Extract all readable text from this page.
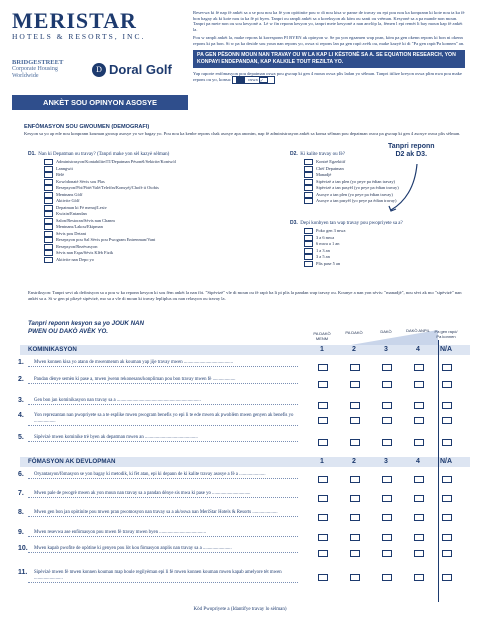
MERISTAR
HOTELS & RESORTS, INC.
BRIDGESTREET
Corporate Housing Worldwide
D Doral Golf
ANKÈT SOU OPINYON ASOSYE

Resevwa ki fè nap fè ankèt sa a se pou nou ka fè yon opòtinite pou w di nou kisa w panse de travay ou epi pou nou ka konprann ki kote nou ta ka fè bon bagay ak ki kote nou ta ka fè pi byen. Tanpri ou ranpli ankèt sa a koreksyon ak kòm ou santi ou vrèman. Kesyonè sa a pa mande non moun. Tanpri pa mete non ou sou kesyonè a. Lè w fin reponn kesyon yo, tanpri mete kesyonè a nan anvlòp la, fèmen l epi remèt li bay moun kap fè ankèt la.

Pou w ranpli ankèt la, make repons ki koresponn PI BYEN ak opinyon w. Se pa yon egzamen wap pran, kòm pa gen okenn repons ki bon ni okenn repons ki pa bon. Si w pa ka deside sou youn nan repons yo, oswa si repons lan pa gen rapò avèk ou, make kazyè ki di "Pa gen rapò/Pa konnen" an.

PA GEN PÈSONN MOUN NAN TRAVAY OU W LA KAP LI KÈSTONÈ SA A. SE EQUATION RESEARCH, YON KONPAYI ENDEPANDAN, KAP KALKILE TOUT REZILTA YO.

Yap raporte enfòmasyon pou depatman oswa pou gwoup ki gen 4 moun oswa plis ladan yo sèlman. Tanpri itilize kreyon oswa plim nwa pou make repons ou yo, konsa:	oswa ✓

ENFÒMASYON SOU GWOUMEN (DEMOGRAFI)
Kesyon sa yo ap ede nou konprann kouman gwoup asosye yo we bagay yo. Pou nou ka kenbe repons chak asosye apa anonim, nap fè administrasyon ankèt sa konsa sèlman pou depatman oswa pa gwoup ki gen 4 asosye oswa plis sèlman.
D1. Nan ki Depatman ou travay? (Tanpri make yon sèl kazyè sèlman)
Administrasyon/Kontabilite/IT/Depatman Pèsonèl/Sekirite/Kontwòl
Lanngwit
Bèlè
Kowòdonatè Sèvis sou Plas
Resepsyon/Pòt/Pòtè/Valè/Telefòn/Konsyèj/Chofè ti Otobis
Mentnans Gòlf
Aktivite Gòlf
Depatman ki Fè menaj/Lesiv
Kwizin/Entandan
Salon/Restoran/Sèvis nan Chanm
Mentnans/Lakou/Ekipman
Sèvis pou Detant
Resepsyon pou Sal Sèvis pou Pwogram Entrenman/Vant
Resepsyon/Rezèvasyon
Sèvis nan Espa/Sèvis Klèb Fizik
Aktivite nan Depo yo
Tanpri reponn
D2 ak D3.
D2. Ki kalite travay ou fè?
Kontrè Egzekitif
Chèf Depatman
Manadjè
Sipèvizè a tan plen (yo peye pa èdtan travay)
Sipèvizè a tan pasyèl (yo peye pa èdtan travay)
Asosye a tan plen (yo peye pa èdtan travay)
Asosye a tan pasyèl (yo peye pa èdtan travay)
D3. Depi konbyen tan wap travay pou pwopriyete sa a?
Poko gen 3 mwa
3 a 6 mwa
6 mwa a 1 an
1 a 3 an
3 a 5 an
Plis pase 5 an
Enstriksyon: Tanpri sevi ak definisyon sa a pou w ka reponn kesyon ki sou fèm ankèt la nan fòt. "Sipèvizè" vle di moun ou fè rapò ba li pi plis la pandan wap travay ou. Kounye a nan yon sèvis: "manadjè", nou sèvi ak mo "sipèvizè" nan ankèt sa a. Si w gen pi plizyè sipèvizè, mo sa a vle di moun ki travay lepliplus ou nan relasyon ou travay la.
Tanpri reponn kesyon sa yo JOUK NAN
PWEN OU DAKÒ AVÈK YO.	PA DAKÒ MENM
PA DAKÒ	DAKÒ	DAKÒ ANPIL	Pa gen rapò/ Pa konnen
KOMINIKASYON	1	2	3	4	N/A
1.	Mwen konnen kisa yo atann de mwenmenm ak kouman yap jije travay mwen .........................................
2.	Pandan dènye semèn ki pase a, mwen jwenn rekonesans/konpliman pou bon travay mwen fè ...................
3.	Gen bon jan kominikasyon nan travay sa a ......................................................................
4.	Yon reprezantan nan pwopriyete sa a te esplike mwen pwogram benefis yo epi li te ede mwen ak pwoblèm mwen genyen ak benefis yo ..................
5.	Sipèvizè mwen kominike trè byen ak depatman mwen an ............................................
FÒMASYON AK DEVLOPMAN	1	2	3	4	N/A
6.	Oryantasyon/fòmasyon se yon bagay ki metodik, ki fèt atan, epi ki depann de ki kalite travay asosye a fè a ......................
7.	Mwen pale de pwogrè mwen ak yon moun nan travay sa a pandan dènye sis mwa ki pase yo ................................
8.	Mwen gen bon jan opòtinite pou mwen pran pwomosyon nan travay sa a ak/oswa nan MeriStar Hotels & Resorts .....................
9.	Mwen resevwa ase enfòmasyon pou mwen fè travay mwen byen .......................................
10.	Mwen kapab pwofite de opòtine ki genyen pou lòt kou fòmasyon anplis nan travay sa a ........................
11.	Sipèvizè mwen fè mwen konnen kouman map boule regilyèman epi li fè mwen konnen kouman mwen kapab amelyore tèt mwen ........................
Kòd Pwopriyete a (Idantifye travay lo sèlman)
